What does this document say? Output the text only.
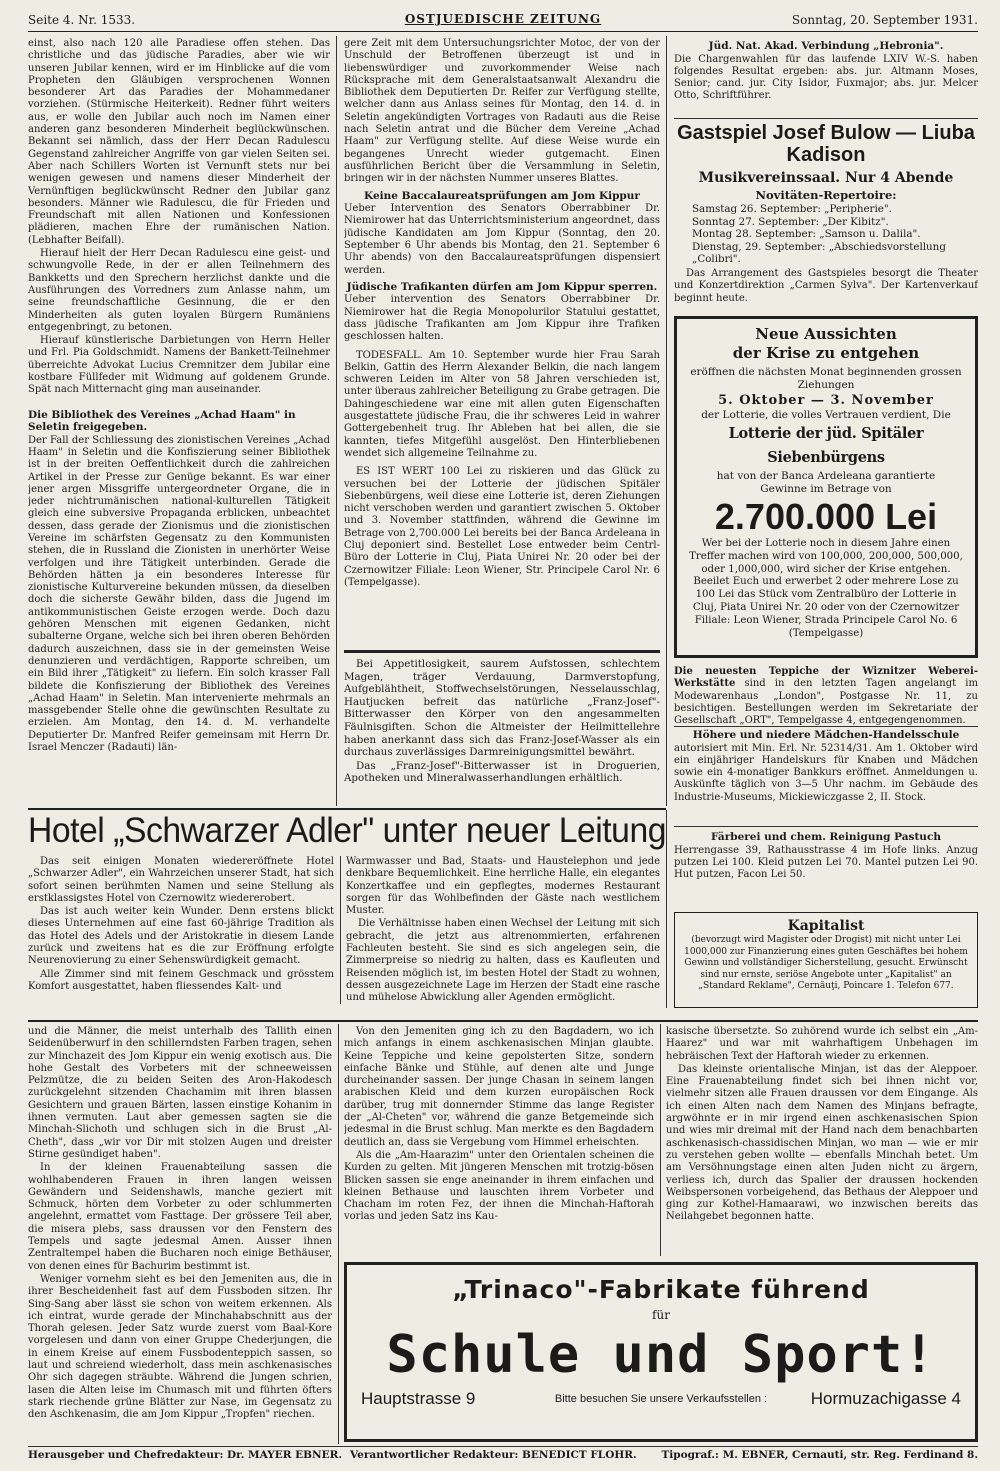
Seite 4. Nr. 1533.	OSTJUEDISCHE ZEITUNG	Sonntag, 20. September 1931.

einst, also nach 120 alle Paradiese offen stehen. Das christliche und das jüdische Paradies, aber wie wir unseren Jubilar kennen, wird er im Hinblicke auf die vom Propheten den Gläubigen versprochenen Wonnen besonderer Art das Paradies der Mohammedaner vorziehen. (Stürmische Heiterkeit). Redner führt weiters aus, er wolle den Jubilar auch noch im Namen einer anderen ganz besonderen Minderheit beglückwünschen. Bekannt sei nämlich, dass der Herr Decan Radulescu Gegenstand zahlreicher Angriffe von gar vielen Seiten sei. Aber nach Schillers Worten ist Vernunft stets nur bei wenigen gewesen und namens dieser Minderheit der Vernünftigen beglückwünscht Redner den Jubilar ganz besonders. Männer wie Radulescu, die für Frieden und Freundschaft mit allen Nationen und Konfessionen plädieren, machen Ehre der rumänischen Nation. (Lebhafter Beifall).

Hierauf hielt der Herr Decan Radulescu eine geist- und schwungvolle Rede, in der er allen Teilnehmern des Bankketts und den Sprechern herzlichst dankte und die Ausführungen des Vorredners zum Anlasse nahm, um seine freundschaftliche Gesinnung, die er den Minderheiten als guten loyalen Bürgern Rumäniens entgegenbringt, zu betonen.

Hierauf künstlerische Darbietungen von Herrn Heller und Frl. Pia Goldschmidt. Namens der Bankett-Teilnehmer überreichte Advokat Lucius Cremnitzer dem Jubilar eine kostbare Füllfeder mit Widmung auf goldenem Grunde. Spät nach Mitternacht ging man auseinander.

Die Bibliothek des Vereines „Achad Haam" in Seletin freigegeben.

Der Fall der Schliessung des zionistischen Vereines „Achad Haam" in Seletin und die Konfiszierung seiner Bibliothek ist in der breiten Oeffentlichkeit durch die zahlreichen Artikel in der Presse zur Genüge bekannt. Es war einer jener argen Missgriffe untergeordneter Organe, die in jeder nichtrumänischen national-kulturellen Tätigkeit gleich eine subversive Propaganda erblicken, unbeachtet dessen, dass gerade der Zionismus und die zionistischen Vereine im schärfsten Gegensatz zu den Kommunisten stehen, die in Russland die Zionisten in unerhörter Weise verfolgen und ihre Tätigkeit unterbinden. Gerade die Behörden hätten ja ein besonderes Interesse für zionistische Kulturvereine bekunden müssen, da dieselben doch die sicherste Gewähr bilden, dass die Jugend im antikommunistischen Geiste erzogen werde. Doch dazu gehören Menschen mit eigenen Gedanken, nicht subalterne Organe, welche sich bei ihren oberen Behörden dadurch auszeichnen, dass sie in der gemeinsten Weise denunzieren und verdächtigen, Rapporte schreiben, um ein Bild ihrer „Tätigkeit" zu liefern. Ein solch krasser Fall bildete die Konfiszierung der Bibliothek des Vereines „Achad Haam" in Seletin. Man intervenierte mehrmals an massgebender Stelle ohne die gewünschten Resultate zu erzielen. Am Montag, den 14. d. M. verhandelte Deputierter Dr. Manfred Reifer gemeinsam mit Herrn Dr. Israel Menczer (Radauti) län-

gere Zeit mit dem Untersuchungsrichter Motoc, der von der Unschuld der Betroffenen überzeugt ist und in liebenswürdiger und zuvorkommender Weise nach Rücksprache mit dem Generalstaatsanwalt Alexandru die Bibliothek dem Deputierten Dr. Reifer zur Verfügung stellte, welcher dann aus Anlass seines für Montag, den 14. d. in Seletin angekündigten Vortrages von Radauti aus die Reise nach Seletin antrat und die Bücher dem Vereine „Achad Haam" zur Verfügung stellte. Auf diese Weise wurde ein begangenes Unrecht wieder gutgemacht. Einen ausführlichen Bericht über die Versammlung in Seletin, bringen wir in der nächsten Nummer unseres Blattes.

Keine Baccalaureatsprüfungen am Jom Kippur

Ueber Intervention des Senators Oberrabbiner Dr. Niemirower hat das Unterrichtsministerium angeordnet, dass jüdische Kandidaten am Jom Kippur (Sonntag, den 20. September 6 Uhr abends bis Montag, den 21. September 6 Uhr abends) von den Baccalaureatsprüfungen dispensiert werden.

Jüdische Trafikanten dürfen am Jom Kippur sperren.

Ueber intervention des Senators Oberrabbiner Dr. Niemirower hat die Regia Monopolurilor Statului gestattet, dass jüdische Trafikanten am Jom Kippur ihre Trafiken geschlossen halten.

TODESFALL. Am 10. September wurde hier Frau Sarah Belkin, Gattin des Herrn Alexander Belkin, die nach langem schweren Leiden im Alter von 58 Jahren verschieden ist, unter überaus zahlreicher Beteiligung zu Grabe getragen. Die Dahingeschiedene war eine mit allen guten Eigenschaften ausgestattete jüdische Frau, die ihr schweres Leid in wahrer Gottergebenheit trug. Ihr Ableben hat bei allen, die sie kannten, tiefes Mitgefühl ausgelöst. Den Hinterbliebenen wendet sich allgemeine Teilnahme zu.

ES IST WERT 100 Lei zu riskieren und das Glück zu versuchen bei der Lotterie der jüdischen Spitäler Siebenbürgens, weil diese eine Lotterie ist, deren Ziehungen nicht verschoben werden und garantiert zwischen 5. Oktober und 3. November stattfinden, während die Gewinne im Betrage von 2,700.000 Lei bereits bei der Banca Ardeleana in Cluj deponiert sind. Bestellet Lose entweder beim Centrl-Büro der Lotterie in Cluj, Piata Unirei Nr. 20 oder bei der Czernowitzer Filiale: Leon Wiener, Str. Principele Carol Nr. 6 (Tempelgasse).

Bei Appetitlosigkeit, saurem Aufstossen, schlechtem Magen, träger Verdauung, Darmverstopfung, Aufgeblähtheit, Stoffwechselstörungen, Nesselausschlag, Hautjucken befreit das natürliche „Franz-Josef"-Bitterwasser den Körper von den angesammelten Fäulnisgiften. Schon die Altmeister der Heilmittellehre haben anerkannt dass sich das Franz-Josef-Wasser als ein durchaus zuverlässiges Darmreinigungsmittel bewährt.

Das „Franz-Josef"-Bitterwasser ist in Droguerien, Apotheken und Mineralwasserhandlungen erhältlich.

Jüd. Nat. Akad. Verbindung „Hebronia".

Die Chargenwahlen für das laufende LXIV W.-S. haben folgendes Resultat ergeben: abs. jur. Altmann Moses, Senior; cand. jur. City Isidor, Fuxmajor; abs. jur. Melcer Otto, Schriftführer.

Gastspiel Josef Bulow — Liuba Kadison
Musikvereinssaal. Nur 4 Abende
Novitäten-Repertoire:
Samstag 26. September: „Peripherie".
Sonntag 27. September: „Der Kibitz".
Montag 28. September: „Samson u. Dalila".
Dienstag, 29. September: „Abschiedsvorstellung „Colibri".

Das Arrangement des Gastspieles besorgt die Theater und Konzertdirektion „Carmen Sylva". Der Kartenverkauf beginnt heute.

Neue Aussichten
der Krise zu entgehen
eröffnen die nächsten Monat beginnenden grossen Ziehungen
5. Oktober — 3. November
der Lotterie, die volles Vertrauen verdient, Die
Lotterie der jüd. Spitäler Siebenbürgens
hat von der Banca Ardeleana garantierte Gewinne im Betrage von
2.700.000 Lei

Wer bei der Lotterie noch in diesem Jahre einen Treffer machen wird von 100,000, 200,000, 500,000, oder 1,000,000, wird sicher der Krise entgehen. Beeilet Euch und erwerbet 2 oder mehrere Lose zu 100 Lei das Stück vom Zentralbüro der Lotterie in Cluj, Piata Unirei Nr. 20 oder von der Czernowitzer Filiale: Leon Wiener, Strada Principele Carol No. 6 (Tempelgasse)

Die neuesten Teppiche der Wiznitzer Weberei-Werkstätte sind in den letzten Tagen angelangt im Modewarenhaus „London", Postgasse Nr. 11, zu besichtigen. Bestellungen werden im Sekretariate der Gesellschaft „ORT", Tempelgasse 4, entgegengenommen.

Höhere und niedere Mädchen-Handelsschule

autorisiert mit Min. Erl. Nr. 52314/31. Am 1. Oktober wird ein einjähriger Handelskurs für Knaben und Mädchen sowie ein 4-monatiger Bankkurs eröffnet. Anmeldungen u. Auskünfte täglich von 3—5 Uhr nachm. im Gebäude des Industrie-Museums, Mickiewiczgasse 2, II. Stock.

Färberei und chem. Reinigung Pastuch

Herrengasse 39, Rathausstrasse 4 im Hofe links. Anzug putzen Lei 100. Kleid putzen Lei 70. Mantel putzen Lei 90. Hut putzen, Facon Lei 50.

Kapitalist
(bevorzugt wird Magister oder Drogist) mit nicht unter Lei 1000,000 zur Finanzierung eines guten Geschäftes bei hohem Gewinn und vollständiger Sicherstellung, gesucht. Erwünscht sind nur ernste, seriöse Angebote unter „Kapitalist" an „Standard Reklame", Cernăuţi, Poincare 1. Telefon 677.
Hotel „Schwarzer Adler" unter neuer Leitung

Das seit einigen Monaten wiedereröffnete Hotel „Schwarzer Adler", ein Wahrzeichen unserer Stadt, hat sich sofort seinen berühmten Namen und seine Stellung als erstklassigstes Hotel von Czernowitz wiedererobert.

Das ist auch weiter kein Wunder. Denn erstens blickt dieses Unternehmen auf eine fast 60-jährige Tradition als das Hotel des Adels und der Aristokratie in diesem Lande zurück und zweitens hat es die zur Eröffnung erfolgte Neurenovierung zu einer Sehenswürdigkeit gemacht.

Alle Zimmer sind mit feinem Geschmack und grösstem Komfort ausgestattet, haben fliessendes Kalt- und

Warmwasser und Bad, Staats- und Haustelephon und jede denkbare Bequemlichkeit. Eine herrliche Halle, ein elegantes Konzertkaffee und ein gepflegtes, modernes Restaurant sorgen für das Wohlbefinden der Gäste nach westlichem Muster.

Die Verhältnisse haben einen Wechsel der Leitung mit sich gebracht, die jetzt aus altrenommierten, erfahrenen Fachleuten besteht. Sie sind es sich angelegen sein, die Zimmerpreise so niedrig zu halten, dass es Kaufleuten und Reisenden möglich ist, im besten Hotel der Stadt zu wohnen, dessen ausgezeichnete Lage im Herzen der Stadt eine rasche und mühelose Abwicklung aller Agenden ermöglicht.

und die Männer, die meist unterhalb des Tallith einen Seidenüberwurf in den schillerndsten Farben tragen, sehen zur Minchazeit des Jom Kippur ein wenig exotisch aus. Die hohe Gestalt des Vorbeters mit der schneeweissen Pelzmütze, die zu beiden Seiten des Aron-Hakodesch zurückgelehnt sitzenden Chachamim mit ihren blassen Gesichtern und grauen Bärten, lassen einstige Kohanim in ihnen vermuten. Laut aber gemessen sagten sie die Minchah-Slichoth und schlugen sich in die Brust „Al-Cheth", dass „wir vor Dir mit stolzen Augen und dreister Stirne gesündiget haben".

In der kleinen Frauenabteilung sassen die wohlhabenderen Frauen in ihren langen weissen Gewändern und Seidenshawls, manche geziert mit Schmuck, hörten dem Vorbeter zu oder schlummerten angelehnt, ermattet vom Fasttage. Der grössere Teil aber, die misera plebs, sass draussen vor den Fenstern des Tempels und sagte jedesmal Amen. Ausser ihnen Zentraltempel haben die Bucharen noch einige Bethäuser, von denen eines für Bachurim bestimmt ist.

Weniger vornehm sieht es bei den Jemeniten aus, die in ihrer Bescheidenheit fast auf dem Fussboden sitzen. Ihr Sing-Sang aber lässt sie schon von weitem erkennen. Als ich eintrat, wurde gerade der Minchahabschnitt aus der Thorah gelesen. Jeder Satz wurde zuerst vom Baal-Kore vorgelesen und dann von einer Gruppe Chederjungen, die in einem Kreise auf einem Fussbodenteppich sassen, so laut und schreiend wiederholt, dass mein aschkenasisches Ohr sich dagegen sträubte. Während die Jungen schrien, lasen die Alten leise im Chumasch mit und führten öfters stark riechende grüne Blätter zur Nase, im Gegensatz zu den Aschkenasim, die am Jom Kippur „Tropfen" riechen.

Von den Jemeniten ging ich zu den Bagdadern, wo ich mich anfangs in einem aschkenasischen Minjan glaubte. Keine Teppiche und keine gepolsterten Sitze, sondern einfache Bänke und Stühle, auf denen alte und Junge durcheinander sassen. Der junge Chasan in seinem langen arabischen Kleid und dem kurzen europäischen Rock darüber, trug mit donnernder Stimme das lange Register der „Al-Cheten" vor, während die ganze Betgemeinde sich jedesmal in die Brust schlug. Man merkte es den Bagdadern deutlich an, dass sie Vergebung vom Himmel erheischten.

Als die „Am-Haarazim" unter den Orientalen scheinen die Kurden zu gelten. Mit jüngeren Menschen mit trotzig-bösen Blicken sassen sie enge aneinander in ihrem einfachen und kleinen Bethause und lauschten ihrem Vorbeter und Chacham im roten Fez, der ihnen die Minchah-Haftorah vorlas und jeden Satz ins Kau-

kasische übersetzte. So zuhörend wurde ich selbst ein „Am-Haarez" und war mit wahrhaftigem Unbehagen im hebräischen Text der Haftorah wieder zu erkennen.

Das kleinste orientalische Minjan, ist das der Aleppoer. Eine Frauenabteilung findet sich bei ihnen nicht vor, vielmehr sitzen alle Frauen draussen vor dem Eingange. Als ich einen Alten nach dem Namen des Minjans befragte, argwöhnte er in mir irgend einen aschkenasischen Spion und wies mir dreimal mit der Hand nach dem benachbarten aschkenasisch-chassidischen Minjan, wo man — wie er mir zu verstehen geben wollte — ebenfalls Minchah betet. Um am Versöhnungstage einen alten Juden nicht zu ärgern, verliess ich, durch das Spalier der draussen hockenden Weibspersonen vorbeigehend, das Bethaus der Aleppoer und ging zur Kothel-Hamaarawi, wo inzwischen bereits das Neilahgebet begonnen hatte.

„Trinaco"-Fabrikate führend
für
Schule und Sport!
Hauptstrasse 9	Bitte besuchen Sie unsere Verkaufsstellen :	Hormuzachigasse 4
Herausgeber und Chefredakteur: Dr. MAYER EBNER. Verantwortlicher Redakteur: BENEDICT FLOHR. Tipograf.: M. EBNER, Cernauti, str. Reg. Ferdinand 8.
